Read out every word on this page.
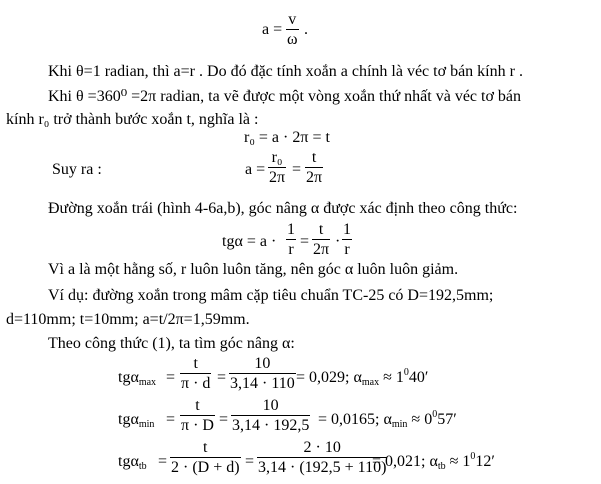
a =
v
ω
.

Khi θ=1 radian, thì a=r . Do đó đặc tính xoắn a chính là véc tơ bán kính r .

Khi θ =360⁰ =2π radian, ta vẽ được một vòng xoắn thứ nhất và véc tơ bán

kính r₀ trở thành bước xoắn t, nghĩa là :

r₀ = a · 2π = t
Suy ra :	a =
r₀
2π =
t
2π

Đường xoắn trái (hình 4-6a,b), góc nâng α được xác định theo công thức:

tgα = a ·
1
r =
t
2π ·
1
r

Vì a là một hằng số, r luôn luôn tăng, nên góc α luôn luôn giảm.

Ví dụ: đường xoắn trong mâm cặp tiêu chuẩn TC-25 có D=192,5mm;

d=110mm; t=10mm; a=t/2π=1,59mm.

Theo công thức (1), ta tìm góc nâng α:

tgα$_{max}$ =
t
π · d =
10
3,14 · 110 = 0,029; $\alpha_{max} \approx 1^040'$
tgα$_{min}$ =
t
π · D =
10
3,14 · 192,5 = 0,0165; $\alpha_{min} \approx 0^057'$
tgα$_{tb}$ =
t
2 · (D + d) =
2 · 10
3,14 · (192,5 + 110)
= 0,021; $\alpha_{tb} \approx 1^012'$
